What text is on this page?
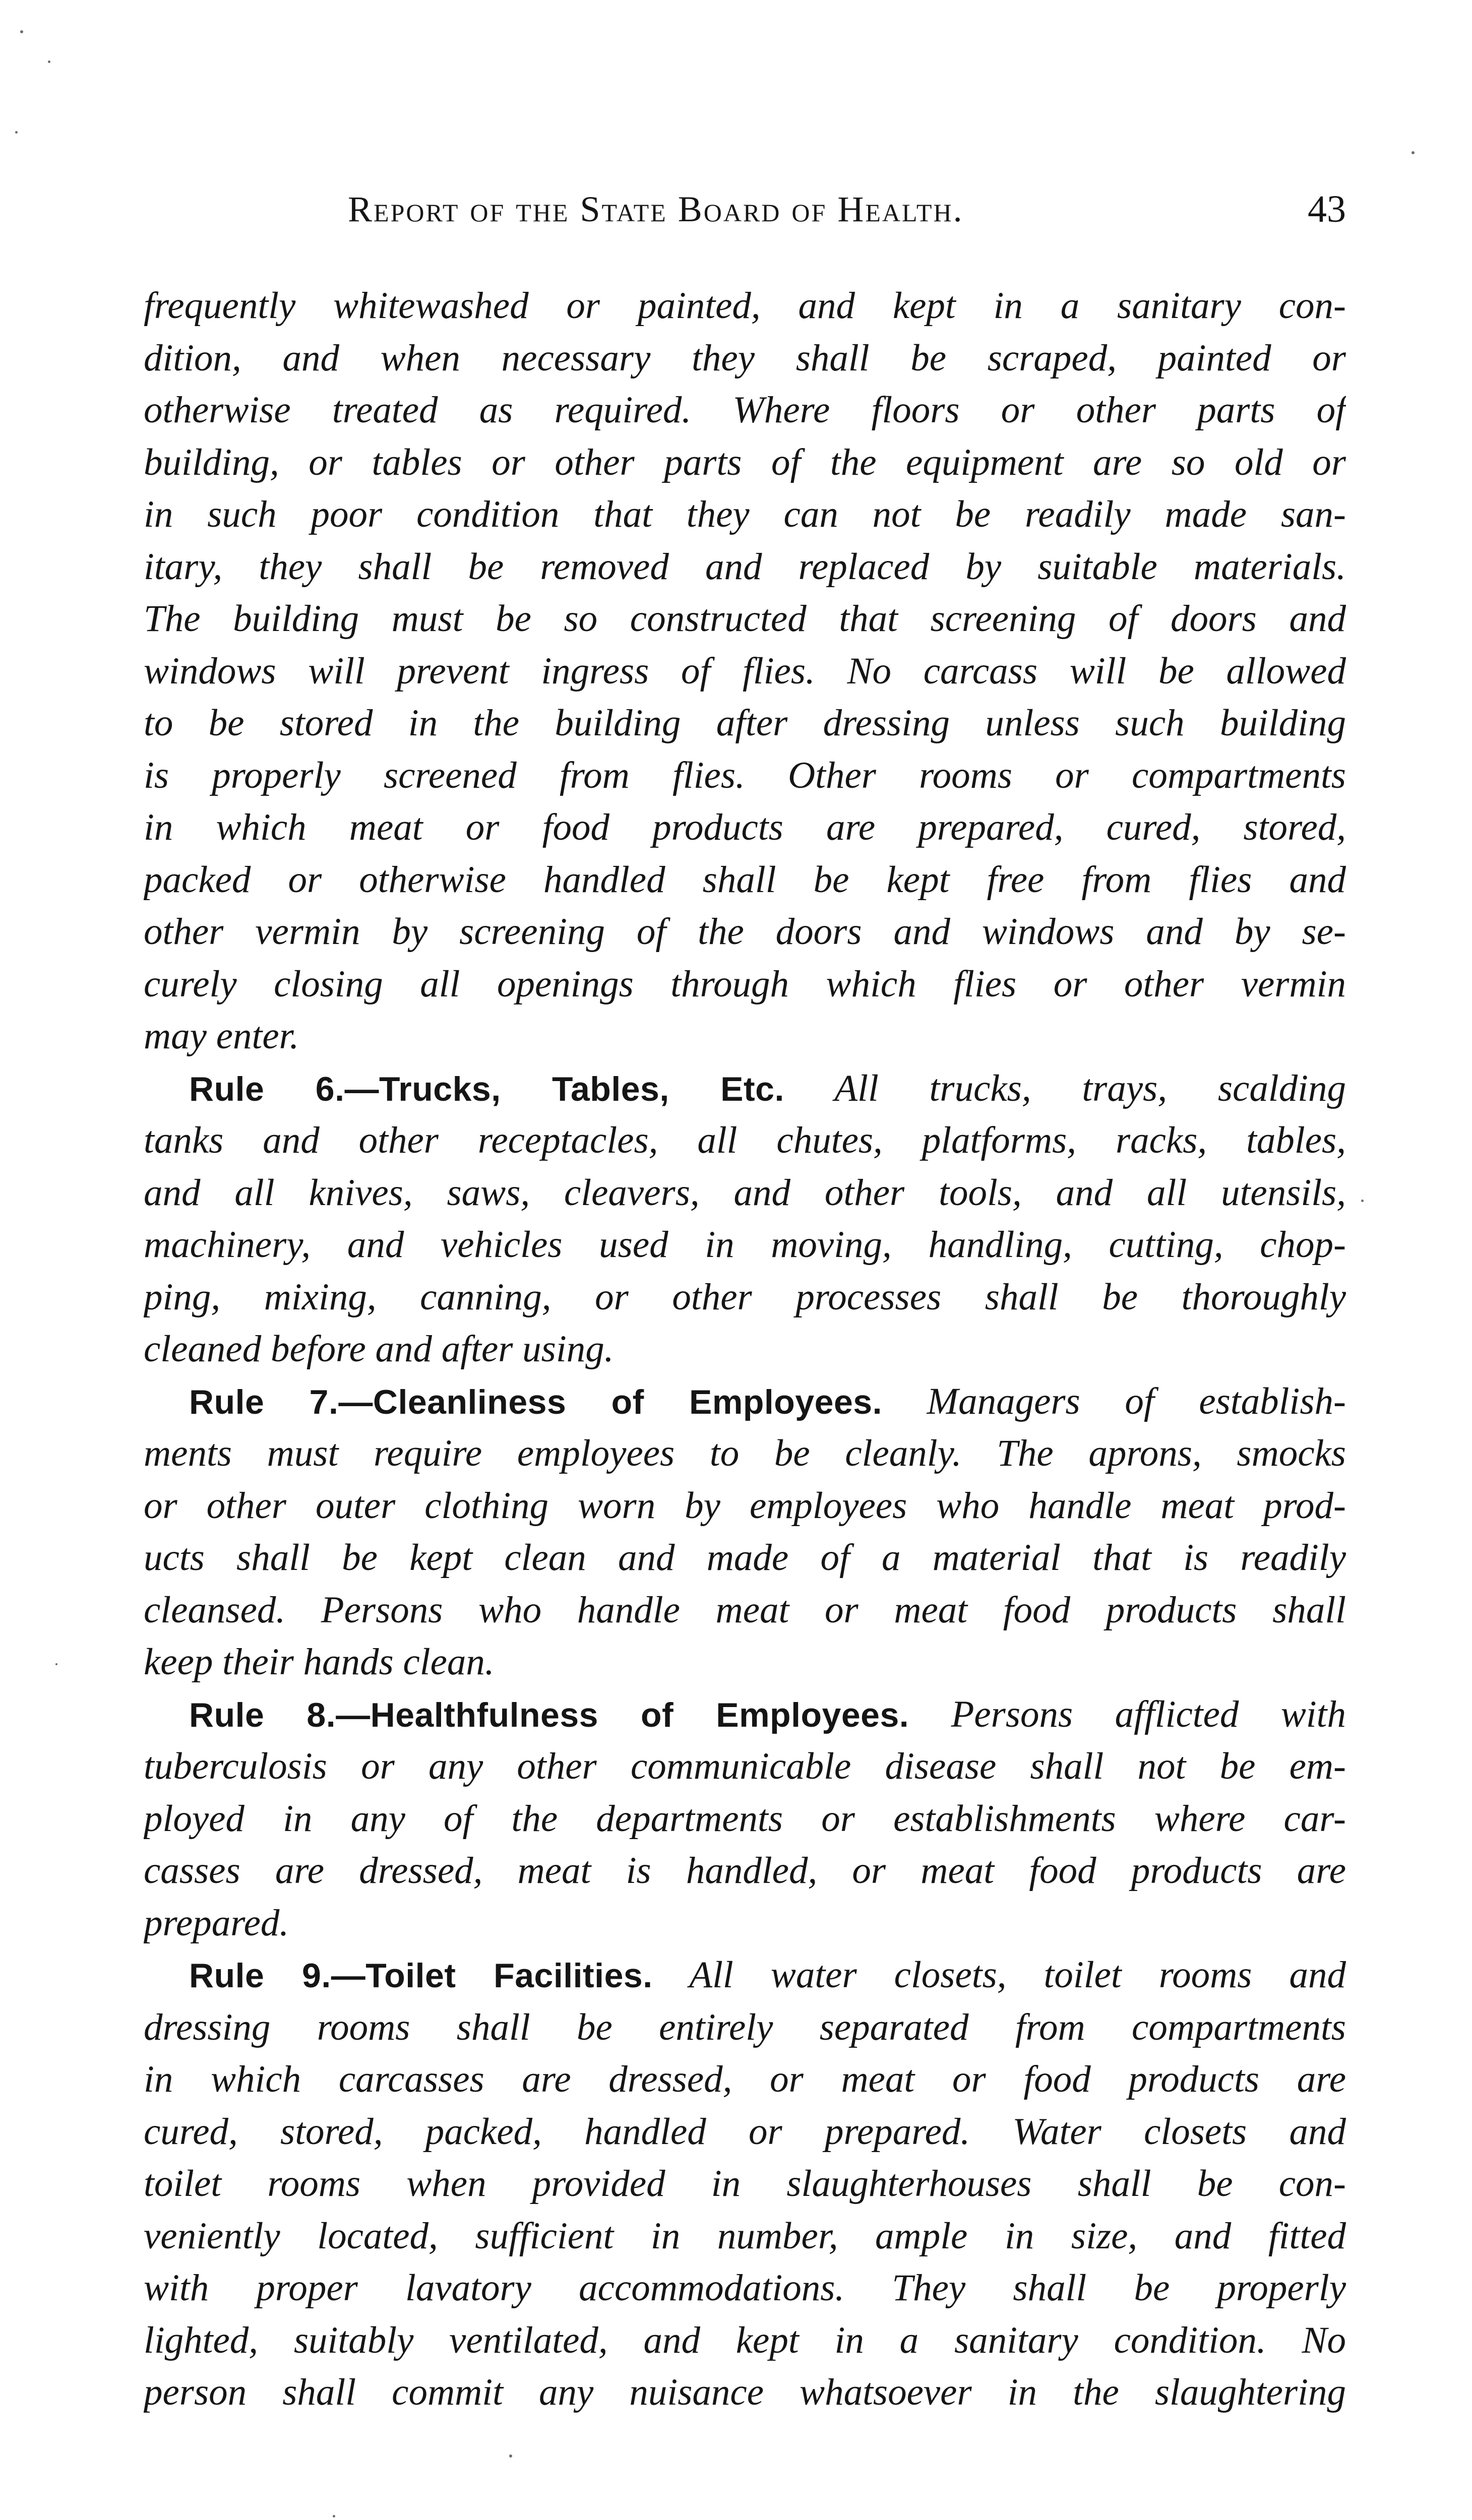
Report of the State Board of Health.	43
frequently whitewashed or painted, and kept in a sanitary con-
dition, and when necessary they shall be scraped, painted or
otherwise treated as required. Where floors or other parts of
building, or tables or other parts of the equipment are so old or
in such poor condition that they can not be readily made san-
itary, they shall be removed and replaced by suitable materials.
The building must be so constructed that screening of doors and
windows will prevent ingress of flies. No carcass will be allowed
to be stored in the building after dressing unless such building
is properly screened from flies. Other rooms or compartments
in which meat or food products are prepared, cured, stored,
packed or otherwise handled shall be kept free from flies and
other vermin by screening of the doors and windows and by se-
curely closing all openings through which flies or other vermin
may enter.
Rule 6.—Trucks, Tables, Etc. All trucks, trays, scalding
tanks and other receptacles, all chutes, platforms, racks, tables,
and all knives, saws, cleavers, and other tools, and all utensils,
machinery, and vehicles used in moving, handling, cutting, chop-
ping, mixing, canning, or other processes shall be thoroughly
cleaned before and after using.
Rule 7.—Cleanliness of Employees. Managers of establish-
ments must require employees to be cleanly. The aprons, smocks
or other outer clothing worn by employees who handle meat prod-
ucts shall be kept clean and made of a material that is readily
cleansed. Persons who handle meat or meat food products shall
keep their hands clean.
Rule 8.—Healthfulness of Employees. Persons afflicted with
tuberculosis or any other communicable disease shall not be em-
ployed in any of the departments or establishments where car-
casses are dressed, meat is handled, or meat food products are
prepared.
Rule 9.—Toilet Facilities. All water closets, toilet rooms and
dressing rooms shall be entirely separated from compartments
in which carcasses are dressed, or meat or food products are
cured, stored, packed, handled or prepared. Water closets and
toilet rooms when provided in slaughterhouses shall be con-
veniently located, sufficient in number, ample in size, and fitted
with proper lavatory accommodations. They shall be properly
lighted, suitably ventilated, and kept in a sanitary condition. No
person shall commit any nuisance whatsoever in the slaughtering
